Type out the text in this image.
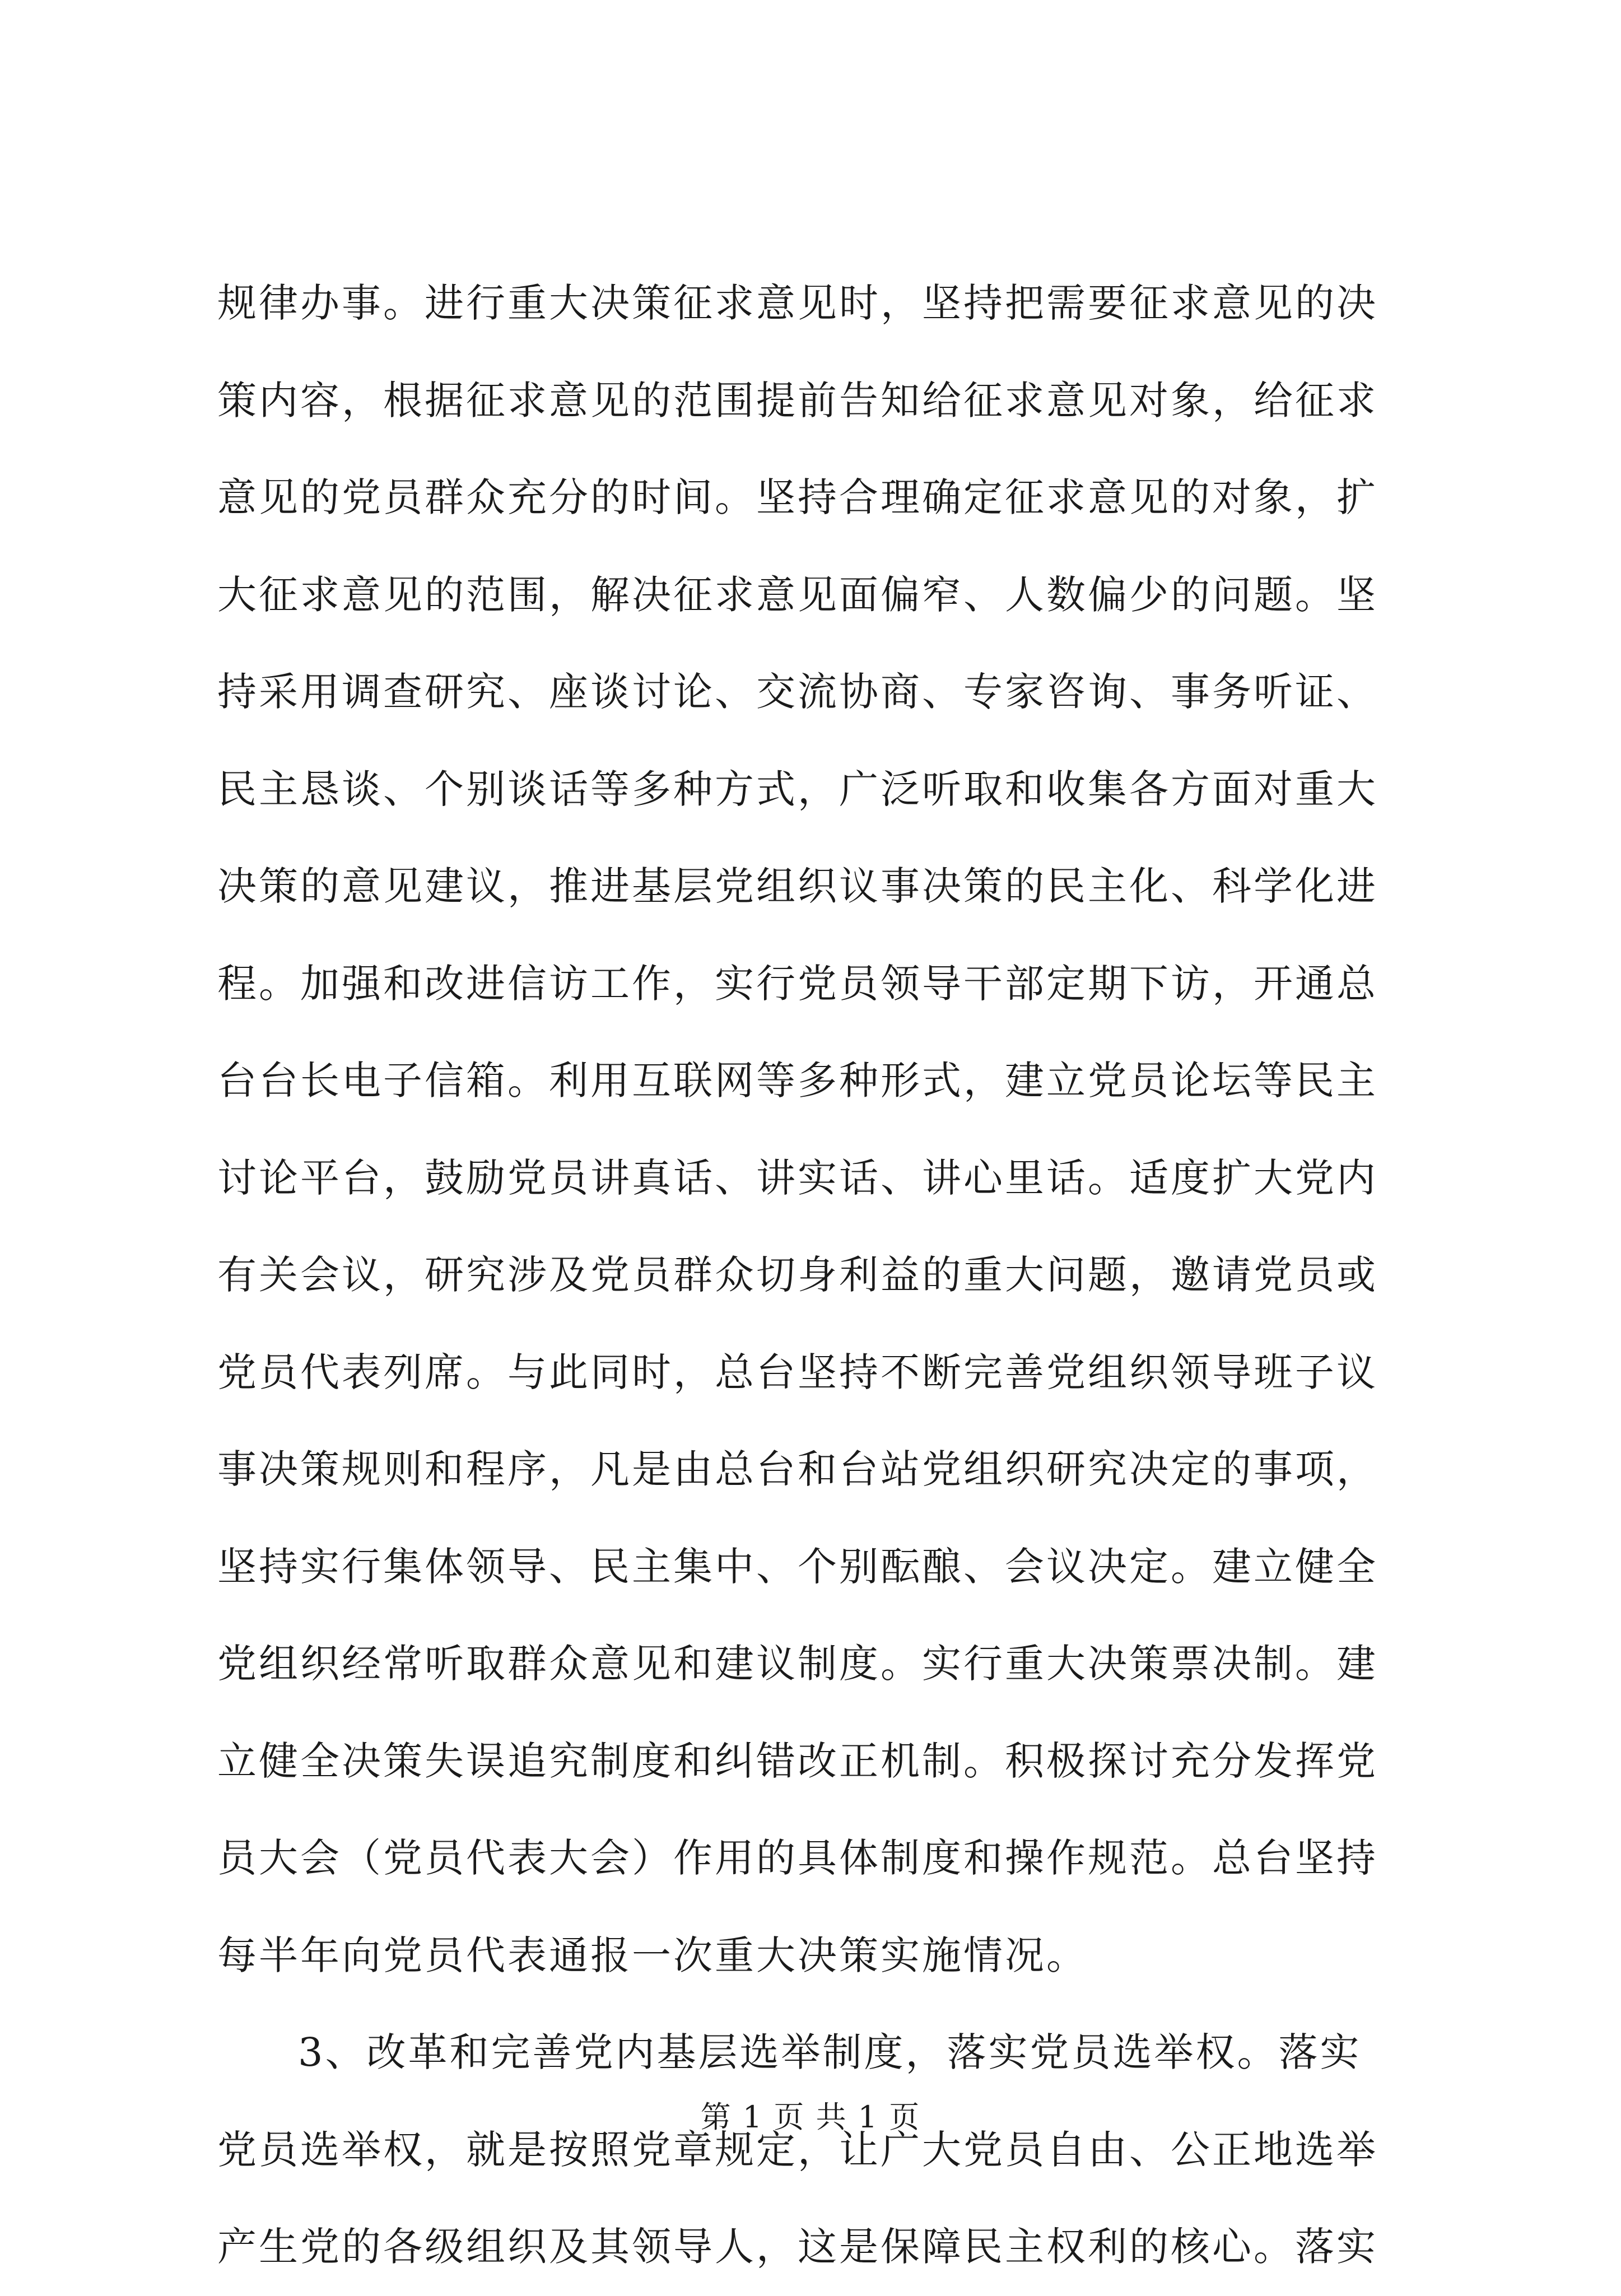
规律办事。进行重大决策征求意见时，坚持把需要征求意见的决
策内容，根据征求意见的范围提前告知给征求意见对象，给征求
意见的党员群众充分的时间。坚持合理确定征求意见的对象，扩
大征求意见的范围，解决征求意见面偏窄、人数偏少的问题。坚
持采用调查研究、座谈讨论、交流协商、专家咨询、事务听证、
民主恳谈、个别谈话等多种方式，广泛听取和收集各方面对重大
决策的意见建议，推进基层党组织议事决策的民主化、科学化进
程。加强和改进信访工作，实行党员领导干部定期下访，开通总
台台长电子信箱。利用互联网等多种形式，建立党员论坛等民主
讨论平台，鼓励党员讲真话、讲实话、讲心里话。适度扩大党内
有关会议，研究涉及党员群众切身利益的重大问题，邀请党员或
党员代表列席。与此同时，总台坚持不断完善党组织领导班子议
事决策规则和程序，凡是由总台和台站党组织研究决定的事项，
坚持实行集体领导、民主集中、个别酝酿、会议决定。建立健全
党组织经常听取群众意见和建议制度。实行重大决策票决制。建
立健全决策失误追究制度和纠错改正机制。积极探讨充分发挥党
员大会（党员代表大会）作用的具体制度和操作规范。总台坚持
每半年向党员代表通报一次重大决策实施情况。
3、改革和完善党内基层选举制度，落实党员选举权。落实
党员选举权，就是按照党章规定，让广大党员自由、公正地选举
产生党的各级组织及其领导人，这是保障民主权利的核心。落实
第 1 页 共 1 页
